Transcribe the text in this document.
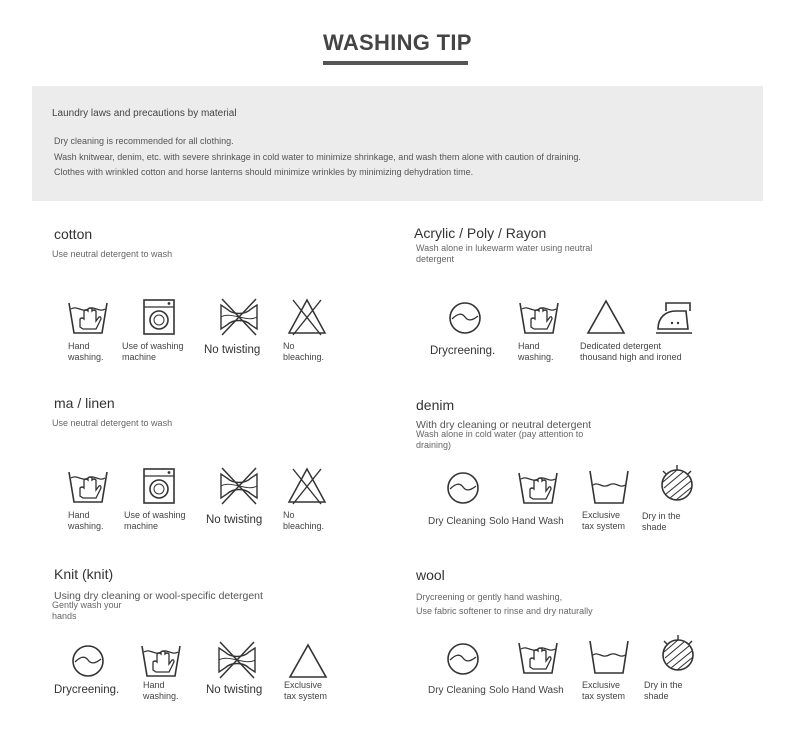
WASHING TIP
Laundry laws and precautions by material
Dry cleaning is recommended for all clothing.
Wash knitwear, denim, etc. with severe shrinkage in cold water to minimize shrinkage, and wash them alone with caution of draining.
Clothes with wrinkled cotton and horse lanterns should minimize wrinkles by minimizing dehydration time.
cotton
Use neutral detergent to wash
Hand
washing.
Use of washing
machine
No twisting	No
bleaching.
Acrylic / Poly / Rayon
Wash alone in lukewarm water using neutral
detergent
Drycreening.	Hand
washing.
Dedicated detergent
thousand high and ironed
ma / linen
Use neutral detergent to wash
Hand
washing.
Use of washing
machine	No twisting No
bleaching.
denim
With dry cleaning or neutral detergent
Wash alone in cold water (pay attention to
draining)
Dry Cleaning Solo Hand Wash
Exclusive
tax system
Dry in the
shade
Knit (knit)
Using dry cleaning or wool-specific detergent
Gently wash your
hands
Drycreening.	Hand
washing. No twisting Exclusive
tax system
wool
Drycreening or gently hand washing,
Use fabric softener to rinse and dry naturally
Dry Cleaning Solo Hand Wash Exclusive
tax system
Dry in the
shade
